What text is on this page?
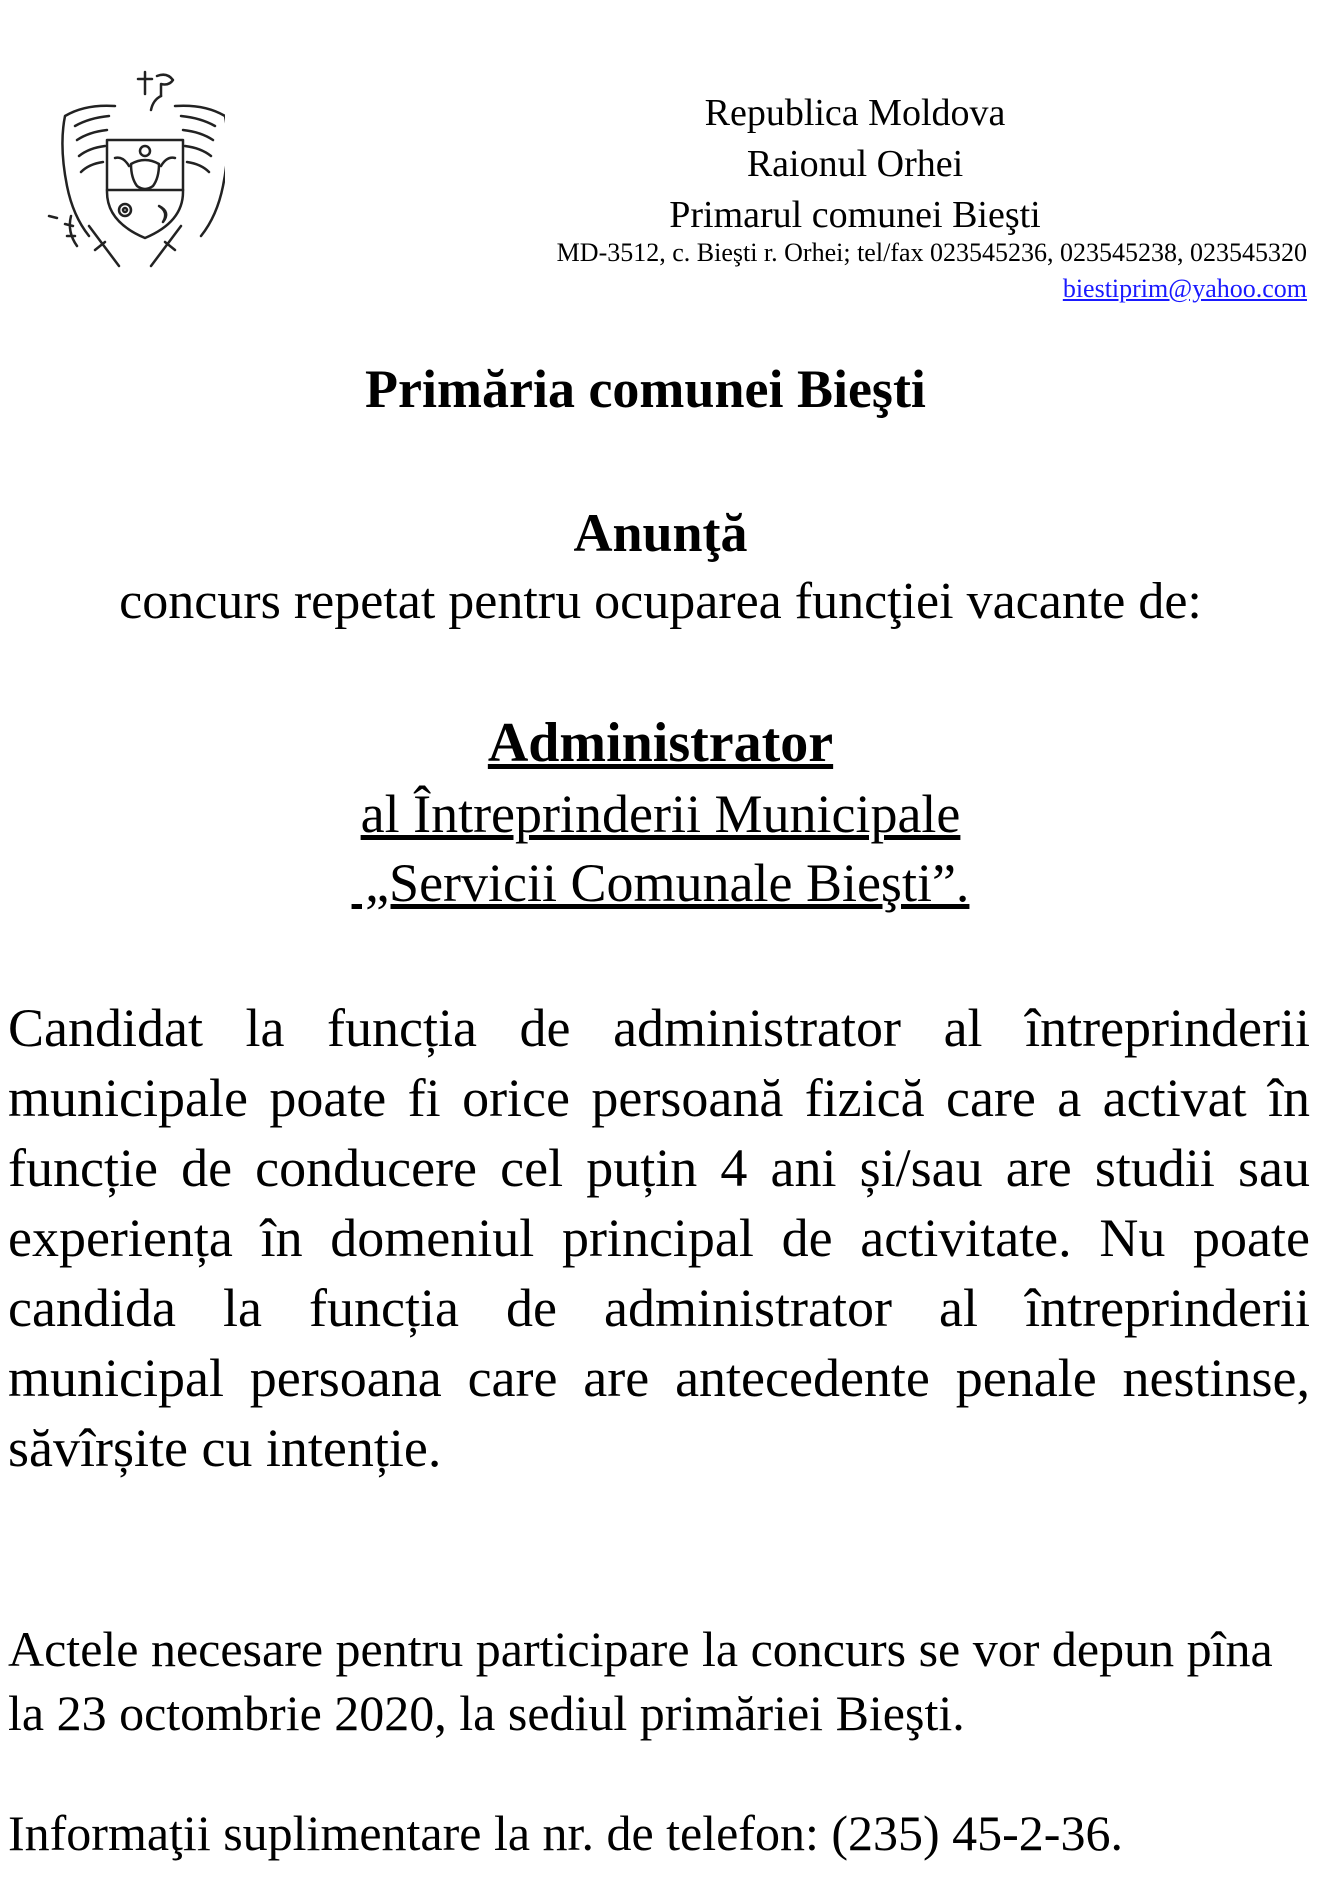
Republica Moldova
Raionul Orhei
Primarul comunei Bieşti
MD-3512, c. Bieşti r. Orhei; tel/fax 023545236, 023545238, 023545320
biestiprim@yahoo.com
Primăria comunei Bieşti
Anunţă
concurs repetat pentru ocuparea funcţiei vacante de:
Administrator
al Întreprinderii Municipale
„Servicii Comunale Bieşti”.
Candidat la funcția de administrator al întreprinderii municipale poate fi orice persoană fizică care a activat în funcție de conducere cel puțin 4 ani și/sau are studii sau experiența în domeniul principal de activitate. Nu poate candida la funcția de administrator al întreprinderii municipal persoana care are antecedente penale nestinse, săvîrșite cu intenție.
Actele necesare pentru participare la concurs se vor depun pîna la 23 octombrie 2020, la sediul primăriei Bieşti.
Informaţii suplimentare la nr. de telefon: (235) 45-2-36.
